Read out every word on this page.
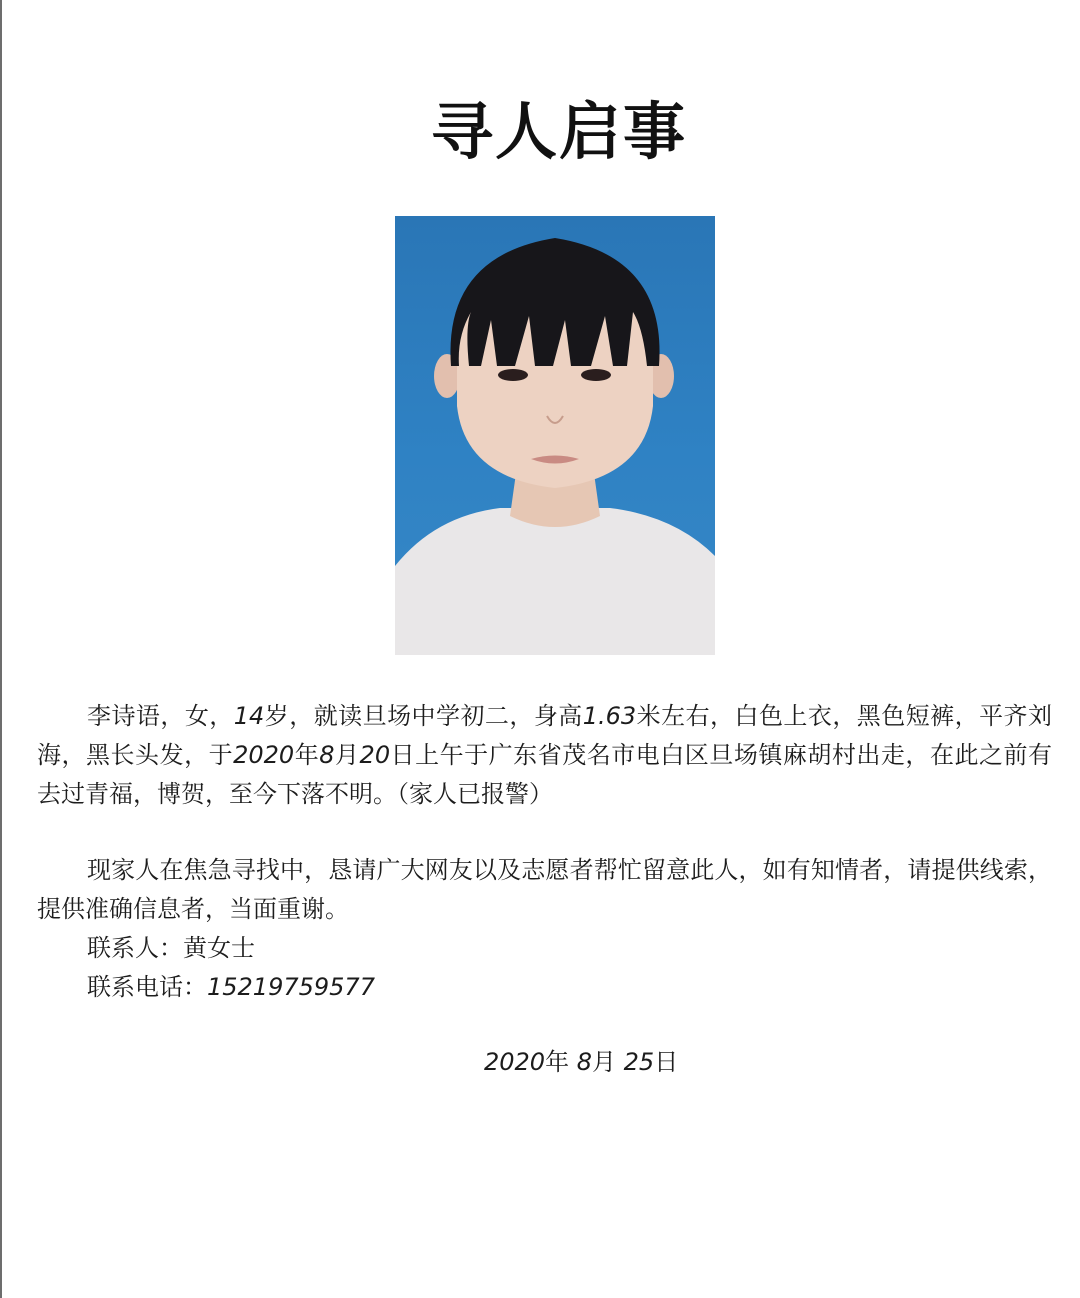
寻人启事

李诗语，女，14岁，就读旦场中学初二，身高1.63米左右，白色上衣，黑色短裤，平齐刘海，黑长头发，于2020年8月20日上午于广东省茂名市电白区旦场镇麻胡村出走，在此之前有去过青福，博贺，至今下落不明。（家人已报警）

现家人在焦急寻找中，恳请广大网友以及志愿者帮忙留意此人，如有知情者，请提供线索，提供准确信息者，当面重谢。

联系人：黄女士

联系电话：15219759577

2020年 8月 25日
